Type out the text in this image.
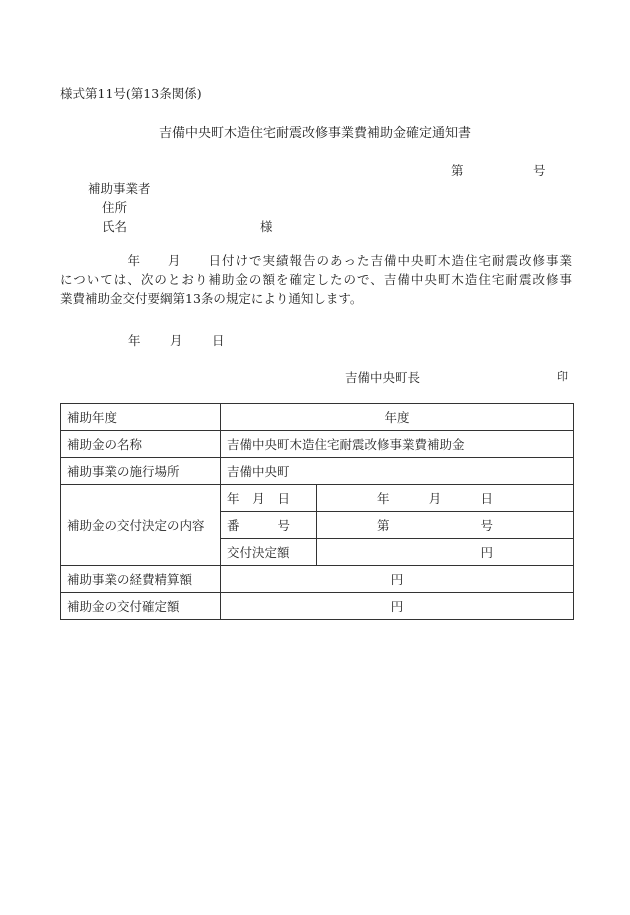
様式第11号(第13条関係)
吉備中央町木造住宅耐震改修事業費補助金確定通知書
第	号
補助事業者
住所
氏名	様
　　　　　年　　月　　日付けで実績報告のあった吉備中央町木造住宅耐震改修事業
については、次のとおり補助金の額を確定したので、吉備中央町木造住宅耐震改修事
業費補助金交付要綱第13条の規定により通知します。
年 月 日
吉備中央町長	印
補助年度	年度	
補助金の名称	吉備中央町木造住宅耐震改修事業費補助金	
補助事業の施行場所	吉備中央町	
補助金の交付決定の内容	年 月 日	年 月 日

	番 号	第 号

	交付決定額	円
補助事業の経費精算額	円	
補助金の交付確定額	円	
